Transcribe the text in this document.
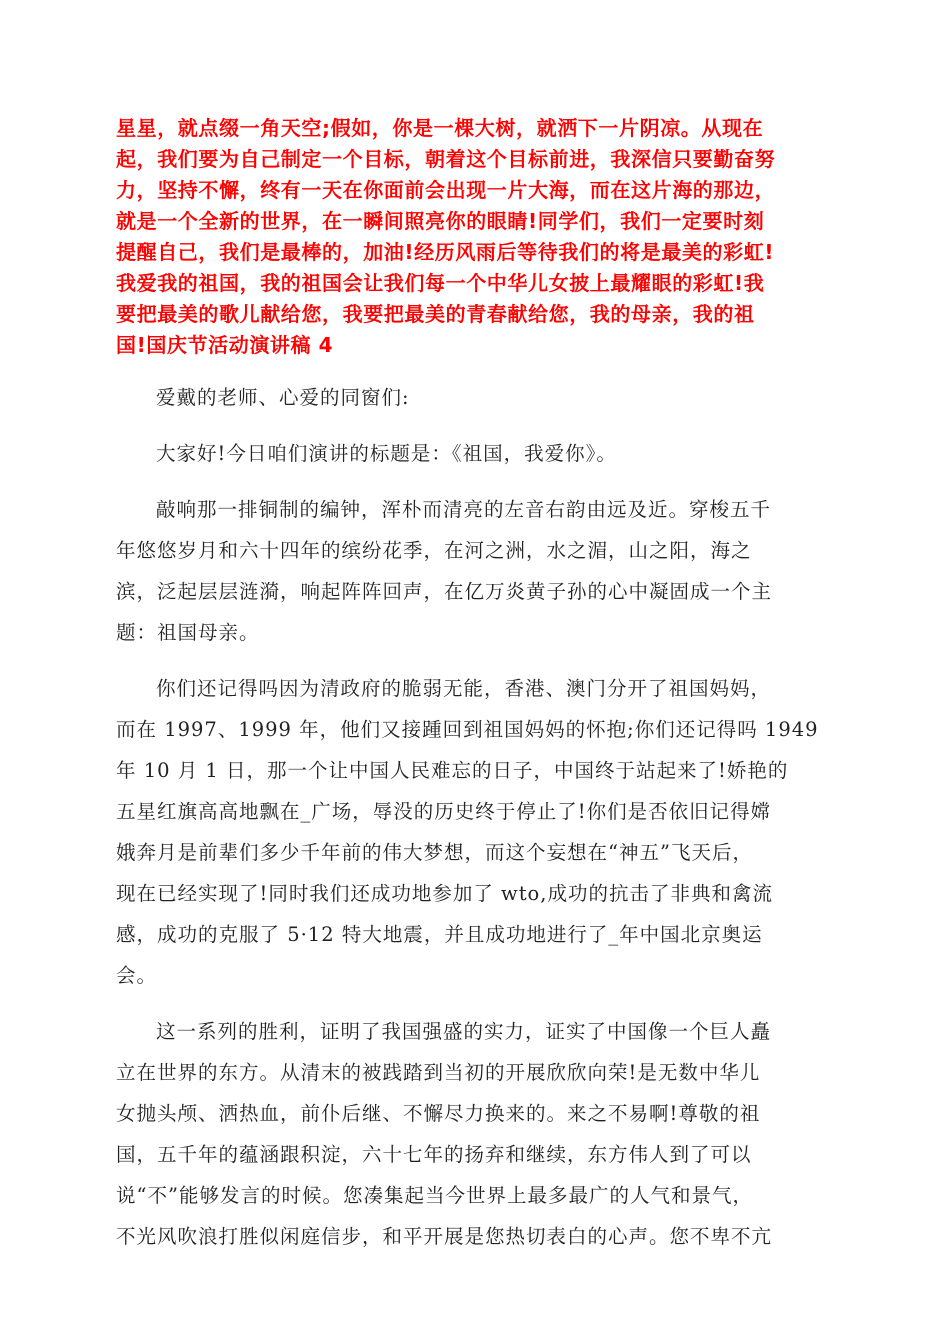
星星，就点缀一角天空;假如，你是一棵大树，就洒下一片阴凉。从现在
起，我们要为自己制定一个目标，朝着这个目标前进，我深信只要勤奋努
力，坚持不懈，终有一天在你面前会出现一片大海，而在这片海的那边，
就是一个全新的世界，在一瞬间照亮你的眼睛!同学们，我们一定要时刻
提醒自己，我们是最棒的，加油!经历风雨后等待我们的将是最美的彩虹!
我爱我的祖国，我的祖国会让我们每一个中华儿女披上最耀眼的彩虹!我
要把最美的歌儿献给您，我要把最美的青春献给您，我的母亲，我的祖
国!国庆节活动演讲稿 4

爱戴的老师、心爱的同窗们:

大家好!今日咱们演讲的标题是：《祖国，我爱你》。

敲响那一排铜制的编钟，浑朴而清亮的左音右韵由远及近。穿梭五千
年悠悠岁月和六十四年的缤纷花季，在河之洲，水之湄，山之阳，海之
滨，泛起层层涟漪，响起阵阵回声，在亿万炎黄子孙的心中凝固成一个主
题：祖国母亲。

你们还记得吗因为清政府的脆弱无能，香港、澳门分开了祖国妈妈，
而在 1997、1999 年，他们又接踵回到祖国妈妈的怀抱;你们还记得吗 1949
年 10 月 1 日，那一个让中国人民难忘的日子，中国终于站起来了!娇艳的
五星红旗高高地飘在_广场，辱没的历史终于停止了!你们是否依旧记得嫦
娥奔月是前辈们多少千年前的伟大梦想，而这个妄想在“神五”飞天后，
现在已经实现了!同时我们还成功地参加了 wto,成功的抗击了非典和禽流
感，成功的克服了 5·12 特大地震，并且成功地进行了_年中国北京奥运
会。

这一系列的胜利，证明了我国强盛的实力，证实了中国像一个巨人矗
立在世界的东方。从清末的被践踏到当初的开展欣欣向荣!是无数中华儿
女抛头颅、洒热血，前仆后继、不懈尽力换来的。来之不易啊!尊敬的祖
国，五千年的蕴涵跟积淀，六十七年的扬弃和继续，东方伟人到了可以
说“不”能够发言的时候。您凑集起当今世界上最多最广的人气和景气，
不光风吹浪打胜似闲庭信步，和平开展是您热切表白的心声。您不卑不亢
